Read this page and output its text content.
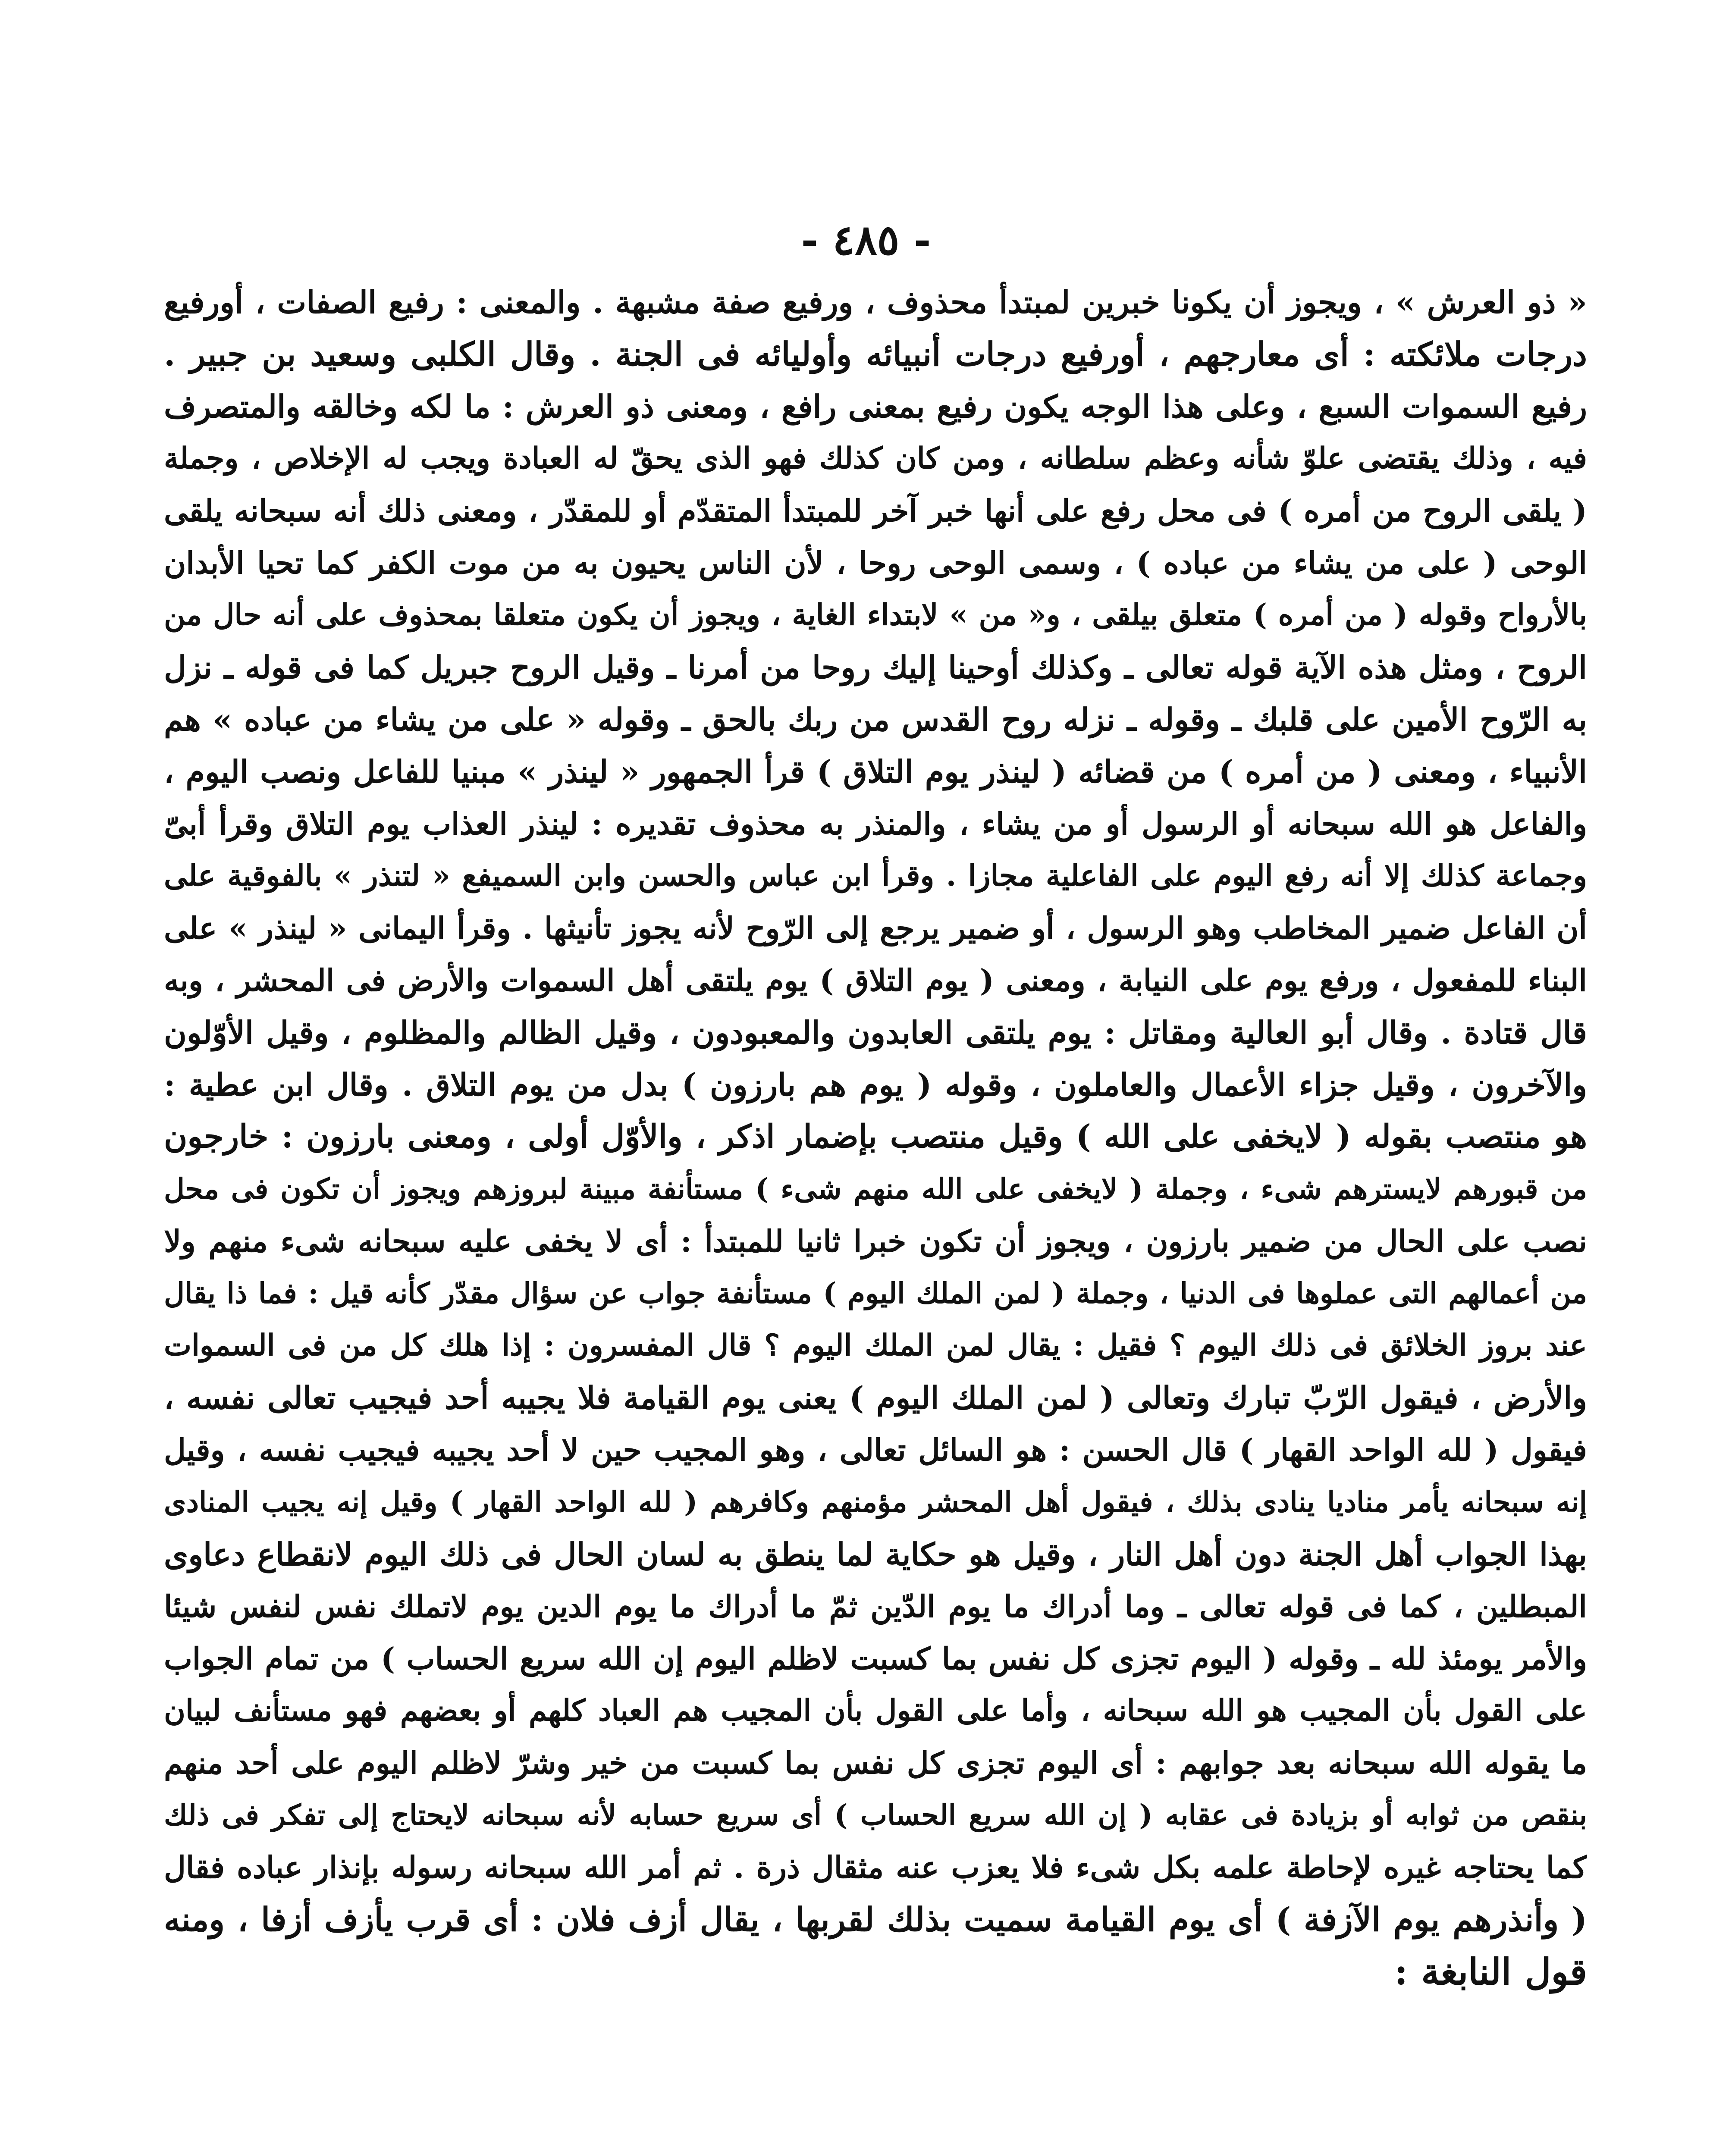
- ٤٨٥ -
« ذو العرش » ، ويجوز أن يكونا خبرين لمبتدأ محذوف ، ورفيع صفة مشبهة . والمعنى : رفيع الصفات ، أورفيع
درجات ملائكته : أى معارجهم ، أورفيع درجات أنبيائه وأوليائه فى الجنة . وقال الكلبى وسعيد بن جبير .
رفيع السموات السبع ، وعلى هذا الوجه يكون رفيع بمعنى رافع ، ومعنى ذو العرش : ما لكه وخالقه والمتصرف
فيه ، وذلك يقتضى علوّ شأنه وعظم سلطانه ، ومن كان كذلك فهو الذى يحقّ له العبادة ويجب له الإخلاص ، وجملة
( يلقى الروح من أمره ) فى محل رفع على أنها خبر آخر للمبتدأ المتقدّم أو للمقدّر ، ومعنى ذلك أنه سبحانه يلقى
الوحى ( على من يشاء من عباده ) ، وسمى الوحى روحا ، لأن الناس يحيون به من موت الكفر كما تحيا الأبدان
بالأرواح وقوله ( من أمره ) متعلق بيلقى ، و« من » لابتداء الغاية ، ويجوز أن يكون متعلقا بمحذوف على أنه حال من
الروح ، ومثل هذه الآية قوله تعالى ـ وكذلك أوحينا إليك روحا من أمرنا ـ وقيل الروح جبريل كما فى قوله ـ نزل
به الرّوح الأمين على قلبك ـ وقوله ـ نزله روح القدس من ربك بالحق ـ وقوله « على من يشاء من عباده » هم
الأنبياء ، ومعنى ( من أمره ) من قضائه ( لينذر يوم التلاق ) قرأ الجمهور « لينذر » مبنيا للفاعل ونصب اليوم ،
والفاعل هو الله سبحانه أو الرسول أو من يشاء ، والمنذر به محذوف تقديره : لينذر العذاب يوم التلاق وقرأ أبىّ
وجماعة كذلك إلا أنه رفع اليوم على الفاعلية مجازا . وقرأ ابن عباس والحسن وابن السميفع « لتنذر » بالفوقية على
أن الفاعل ضمير المخاطب وهو الرسول ، أو ضمير يرجع إلى الرّوح لأنه يجوز تأنيثها . وقرأ اليمانى « لينذر » على
البناء للمفعول ، ورفع يوم على النيابة ، ومعنى ( يوم التلاق ) يوم يلتقى أهل السموات والأرض فى المحشر ، وبه
قال قتادة . وقال أبو العالية ومقاتل : يوم يلتقى العابدون والمعبودون ، وقيل الظالم والمظلوم ، وقيل الأوّلون
والآخرون ، وقيل جزاء الأعمال والعاملون ، وقوله ( يوم هم بارزون ) بدل من يوم التلاق . وقال ابن عطية :
هو منتصب بقوله ( لايخفى على الله ) وقيل منتصب بإضمار اذكر ، والأوّل أولى ، ومعنى بارزون : خارجون
من قبورهم لايسترهم شىء ، وجملة ( لايخفى على الله منهم شىء ) مستأنفة مبينة لبروزهم ويجوز أن تكون فى محل
نصب على الحال من ضمير بارزون ، ويجوز أن تكون خبرا ثانيا للمبتدأ : أى لا يخفى عليه سبحانه شىء منهم ولا
من أعمالهم التى عملوها فى الدنيا ، وجملة ( لمن الملك اليوم ) مستأنفة جواب عن سؤال مقدّر كأنه قيل : فما ذا يقال
عند بروز الخلائق فى ذلك اليوم ؟ فقيل : يقال لمن الملك اليوم ؟ قال المفسرون : إذا هلك كل من فى السموات
والأرض ، فيقول الرّبّ تبارك وتعالى ( لمن الملك اليوم ) يعنى يوم القيامة فلا يجيبه أحد فيجيب تعالى نفسه ،
فيقول ( لله الواحد القهار ) قال الحسن : هو السائل تعالى ، وهو المجيب حين لا أحد يجيبه فيجيب نفسه ، وقيل
إنه سبحانه يأمر مناديا ينادى بذلك ، فيقول أهل المحشر مؤمنهم وكافرهم ( لله الواحد القهار ) وقيل إنه يجيب المنادى
بهذا الجواب أهل الجنة دون أهل النار ، وقيل هو حكاية لما ينطق به لسان الحال فى ذلك اليوم لانقطاع دعاوى
المبطلين ، كما فى قوله تعالى ـ وما أدراك ما يوم الدّين ثمّ ما أدراك ما يوم الدين يوم لاتملك نفس لنفس شيئا
والأمر يومئذ لله ـ وقوله ( اليوم تجزى كل نفس بما كسبت لاظلم اليوم إن الله سريع الحساب ) من تمام الجواب
على القول بأن المجيب هو الله سبحانه ، وأما على القول بأن المجيب هم العباد كلهم أو بعضهم فهو مستأنف لبيان
ما يقوله الله سبحانه بعد جوابهم : أى اليوم تجزى كل نفس بما كسبت من خير وشرّ لاظلم اليوم على أحد منهم
بنقص من ثوابه أو بزيادة فى عقابه ( إن الله سريع الحساب ) أى سريع حسابه لأنه سبحانه لايحتاج إلى تفكر فى ذلك
كما يحتاجه غيره لإحاطة علمه بكل شىء فلا يعزب عنه مثقال ذرة . ثم أمر الله سبحانه رسوله بإنذار عباده فقال
( وأنذرهم يوم الآزفة ) أى يوم القيامة سميت بذلك لقربها ، يقال أزف فلان : أى قرب يأزف أزفا ، ومنه
قول النابغة :
